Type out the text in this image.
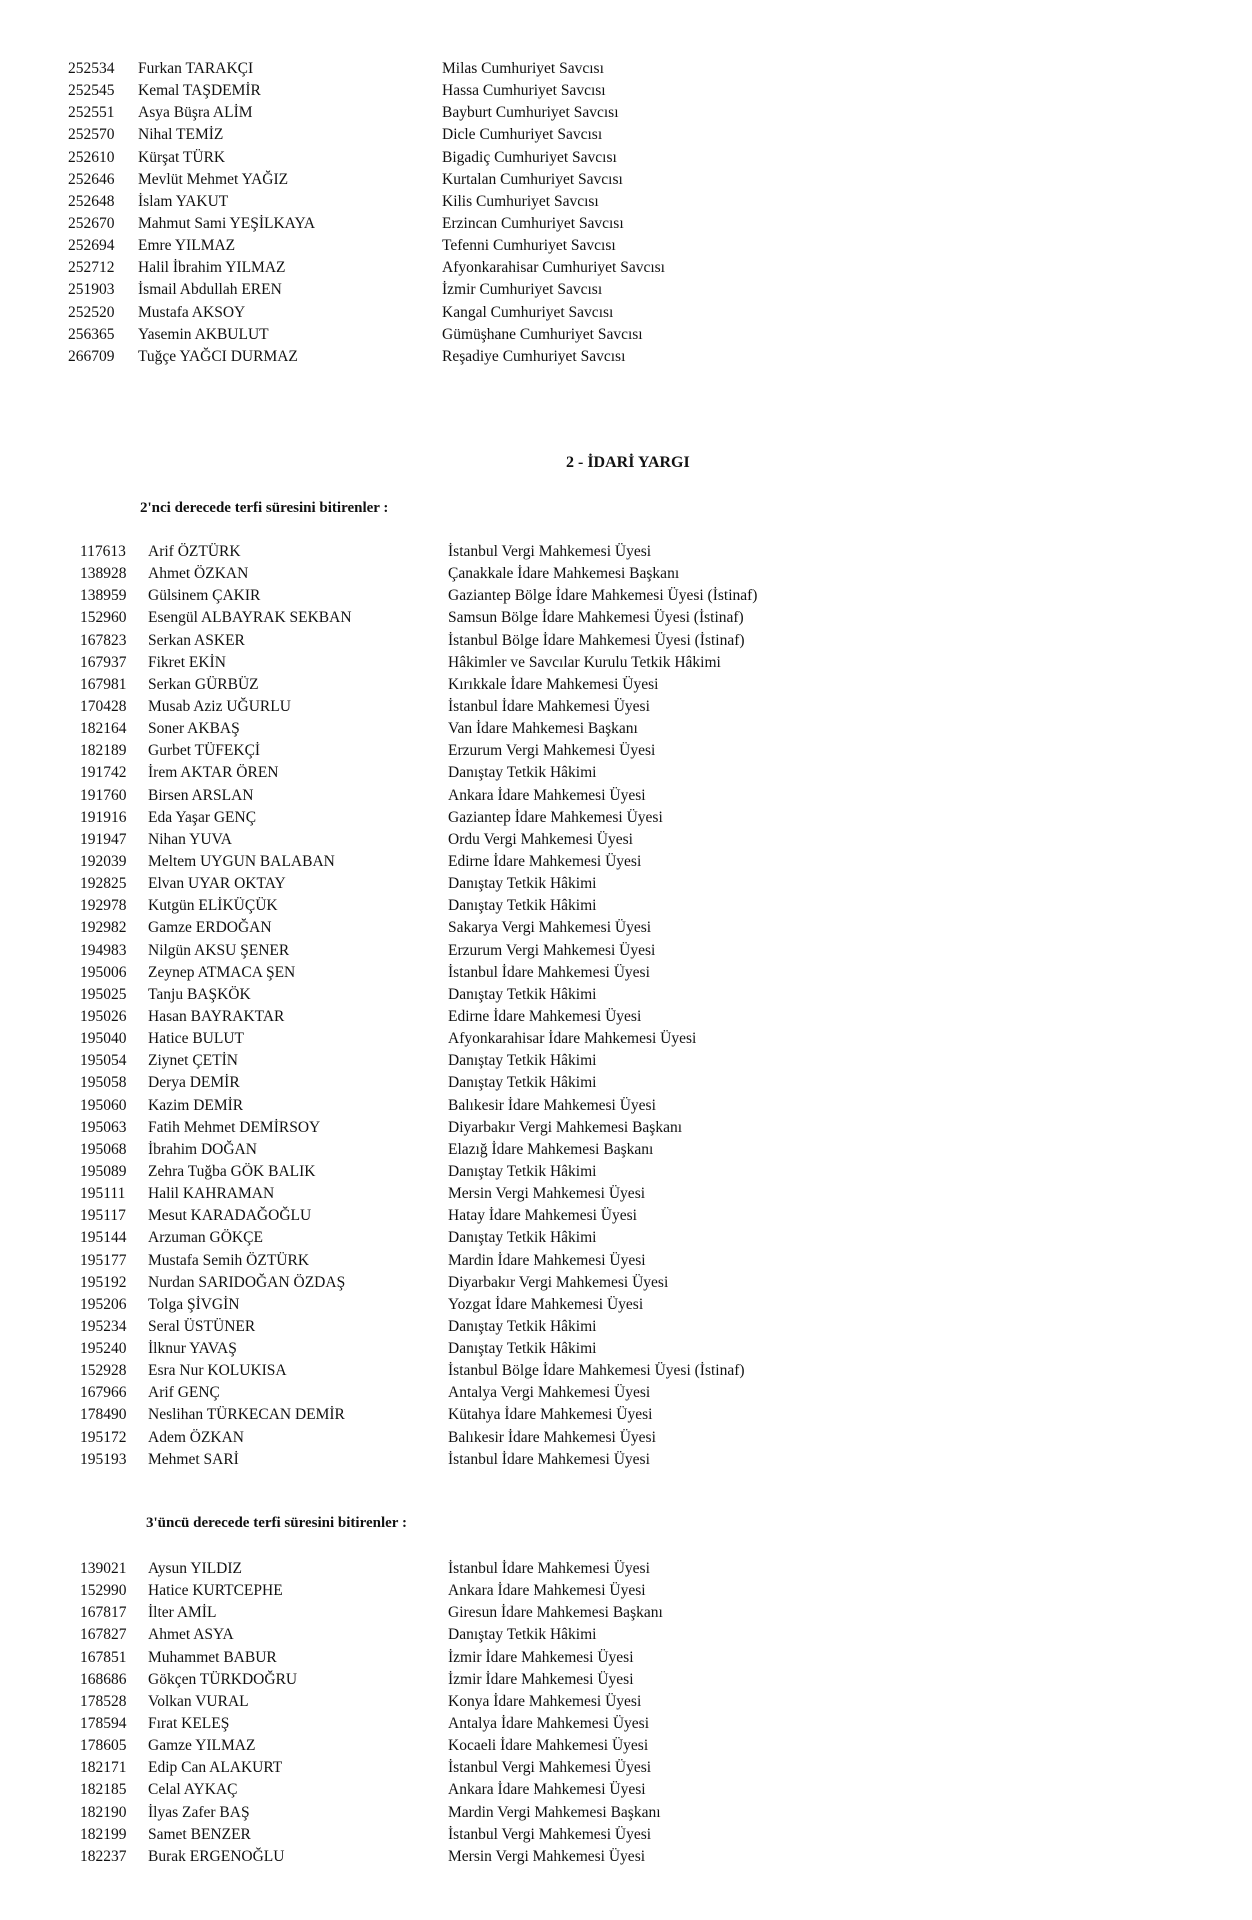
252534 Furkan TARAKÇI	Milas Cumhuriyet Savcısı
252545 Kemal TAŞDEMİR	Hassa Cumhuriyet Savcısı
252551 Asya Büşra ALİM	Bayburt Cumhuriyet Savcısı
252570 Nihal TEMİZ	Dicle Cumhuriyet Savcısı
252610 Kürşat TÜRK	Bigadiç Cumhuriyet Savcısı
252646 Mevlüt Mehmet YAĞIZ	Kurtalan Cumhuriyet Savcısı
252648 İslam YAKUT	Kilis Cumhuriyet Savcısı
252670 Mahmut Sami YEŞİLKAYA	Erzincan Cumhuriyet Savcısı
252694 Emre YILMAZ	Tefenni Cumhuriyet Savcısı
252712 Halil İbrahim YILMAZ	Afyonkarahisar Cumhuriyet Savcısı
251903 İsmail Abdullah EREN	İzmir Cumhuriyet Savcısı
252520 Mustafa AKSOY	Kangal Cumhuriyet Savcısı
256365 Yasemin AKBULUT	Gümüşhane Cumhuriyet Savcısı
266709 Tuğçe YAĞCI DURMAZ	Reşadiye Cumhuriyet Savcısı
2 - İDARİ YARGI
2'nci derecede terfi süresini bitirenler :
117613 Arif ÖZTÜRK	İstanbul Vergi Mahkemesi Üyesi
138928 Ahmet ÖZKAN	Çanakkale İdare Mahkemesi Başkanı
138959 Gülsinem ÇAKIR	Gaziantep Bölge İdare Mahkemesi Üyesi (İstinaf)
152960 Esengül ALBAYRAK SEKBAN	Samsun Bölge İdare Mahkemesi Üyesi (İstinaf)
167823 Serkan ASKER	İstanbul Bölge İdare Mahkemesi Üyesi (İstinaf)
167937 Fikret EKİN	Hâkimler ve Savcılar Kurulu Tetkik Hâkimi
167981 Serkan GÜRBÜZ	Kırıkkale İdare Mahkemesi Üyesi
170428 Musab Aziz UĞURLU	İstanbul İdare Mahkemesi Üyesi
182164 Soner AKBAŞ	Van İdare Mahkemesi Başkanı
182189 Gurbet TÜFEKÇİ	Erzurum Vergi Mahkemesi Üyesi
191742 İrem AKTAR ÖREN	Danıştay Tetkik Hâkimi
191760 Birsen ARSLAN	Ankara İdare Mahkemesi Üyesi
191916 Eda Yaşar GENÇ	Gaziantep İdare Mahkemesi Üyesi
191947 Nihan YUVA	Ordu Vergi Mahkemesi Üyesi
192039 Meltem UYGUN BALABAN	Edirne İdare Mahkemesi Üyesi
192825 Elvan UYAR OKTAY	Danıştay Tetkik Hâkimi
192978 Kutgün ELİKÜÇÜK	Danıştay Tetkik Hâkimi
192982 Gamze ERDOĞAN	Sakarya Vergi Mahkemesi Üyesi
194983 Nilgün AKSU ŞENER	Erzurum Vergi Mahkemesi Üyesi
195006 Zeynep ATMACA ŞEN	İstanbul İdare Mahkemesi Üyesi
195025 Tanju BAŞKÖK	Danıştay Tetkik Hâkimi
195026 Hasan BAYRAKTAR	Edirne İdare Mahkemesi Üyesi
195040 Hatice BULUT	Afyonkarahisar İdare Mahkemesi Üyesi
195054 Ziynet ÇETİN	Danıştay Tetkik Hâkimi
195058 Derya DEMİR	Danıştay Tetkik Hâkimi
195060 Kazim DEMİR	Balıkesir İdare Mahkemesi Üyesi
195063 Fatih Mehmet DEMİRSOY	Diyarbakır Vergi Mahkemesi Başkanı
195068 İbrahim DOĞAN	Elazığ İdare Mahkemesi Başkanı
195089 Zehra Tuğba GÖK BALIK	Danıştay Tetkik Hâkimi
195111 Halil KAHRAMAN	Mersin Vergi Mahkemesi Üyesi
195117 Mesut KARADAĞOĞLU	Hatay İdare Mahkemesi Üyesi
195144 Arzuman GÖKÇE	Danıştay Tetkik Hâkimi
195177 Mustafa Semih ÖZTÜRK	Mardin İdare Mahkemesi Üyesi
195192 Nurdan SARIDOĞAN ÖZDAŞ	Diyarbakır Vergi Mahkemesi Üyesi
195206 Tolga ŞİVGİN	Yozgat İdare Mahkemesi Üyesi
195234 Seral ÜSTÜNER	Danıştay Tetkik Hâkimi
195240 İlknur YAVAŞ	Danıştay Tetkik Hâkimi
152928 Esra Nur KOLUKISA	İstanbul Bölge İdare Mahkemesi Üyesi (İstinaf)
167966 Arif GENÇ	Antalya Vergi Mahkemesi Üyesi
178490 Neslihan TÜRKECAN DEMİR	Kütahya İdare Mahkemesi Üyesi
195172 Adem ÖZKAN	Balıkesir İdare Mahkemesi Üyesi
195193 Mehmet SARİ	İstanbul İdare Mahkemesi Üyesi
3'üncü derecede terfi süresini bitirenler :
139021 Aysun YILDIZ	İstanbul İdare Mahkemesi Üyesi
152990 Hatice KURTCEPHE	Ankara İdare Mahkemesi Üyesi
167817 İlter AMİL	Giresun İdare Mahkemesi Başkanı
167827 Ahmet ASYA	Danıştay Tetkik Hâkimi
167851 Muhammet BABUR	İzmir İdare Mahkemesi Üyesi
168686 Gökçen TÜRKDOĞRU	İzmir İdare Mahkemesi Üyesi
178528 Volkan VURAL	Konya İdare Mahkemesi Üyesi
178594 Fırat KELEŞ	Antalya İdare Mahkemesi Üyesi
178605 Gamze YILMAZ	Kocaeli İdare Mahkemesi Üyesi
182171 Edip Can ALAKURT	İstanbul Vergi Mahkemesi Üyesi
182185 Celal AYKAÇ	Ankara İdare Mahkemesi Üyesi
182190 İlyas Zafer BAŞ	Mardin Vergi Mahkemesi Başkanı
182199 Samet BENZER	İstanbul Vergi Mahkemesi Üyesi
182237 Burak ERGENOĞLU	Mersin Vergi Mahkemesi Üyesi
